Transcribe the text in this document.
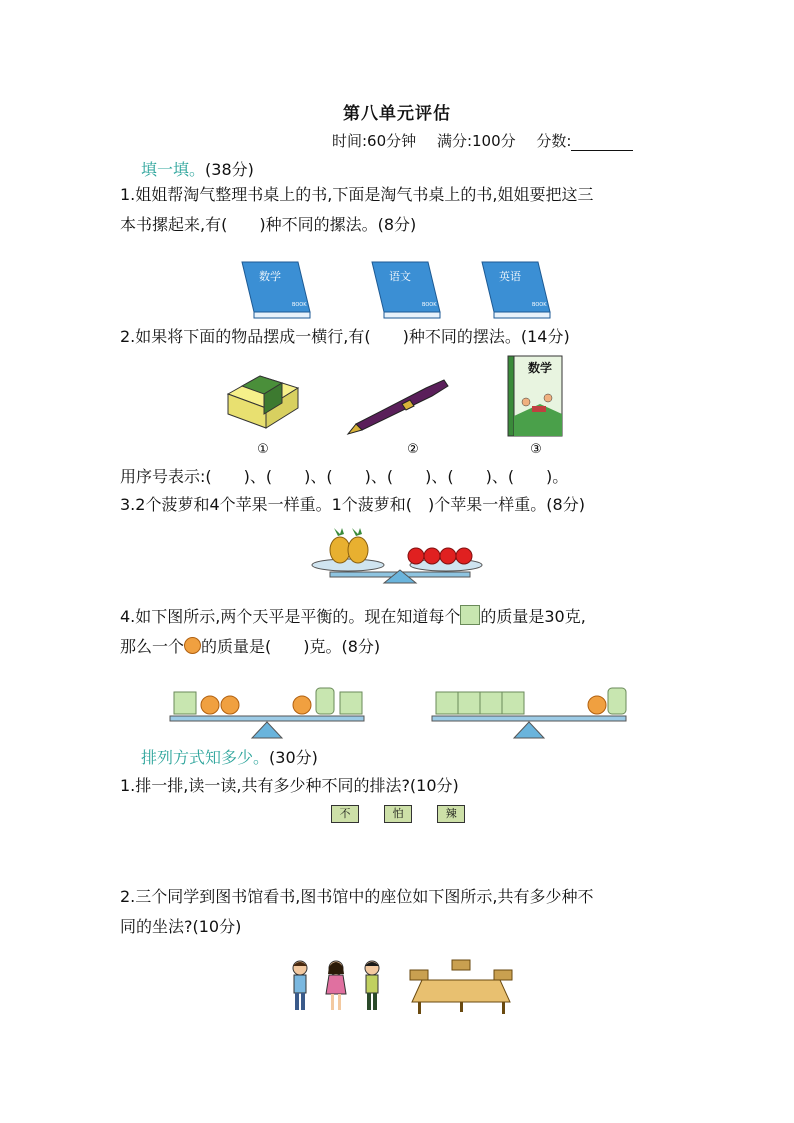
第八单元评估
时间:60分钟 满分:100分 分数:
填一填。(38分)
1.姐姐帮淘气整理书桌上的书,下面是淘气书桌上的书,姐姐要把这三
本书摞起来,有(　　)种不同的摞法。(8分)
数学
BOOK
语文
BOOK
英语
BOOK
2.如果将下面的物品摆成一横行,有(　　)种不同的摆法。(14分)
数学
①	②	③
用序号表示:(　　)、(　　)、(　　)、(　　)、(　　)、(　　)。
3.2个菠萝和4个苹果一样重。1个菠萝和(　)个苹果一样重。(8分)
4.如下图所示,两个天平是平衡的。现在知道每个 的质量是30克,
那么一个 的质量是(　　)克。(8分)
排列方式知多少。(30分)
1.排一排,读一读,共有多少种不同的排法?(10分)
不	怕	辣
2.三个同学到图书馆看书,图书馆中的座位如下图所示,共有多少种不
同的坐法?(10分)
